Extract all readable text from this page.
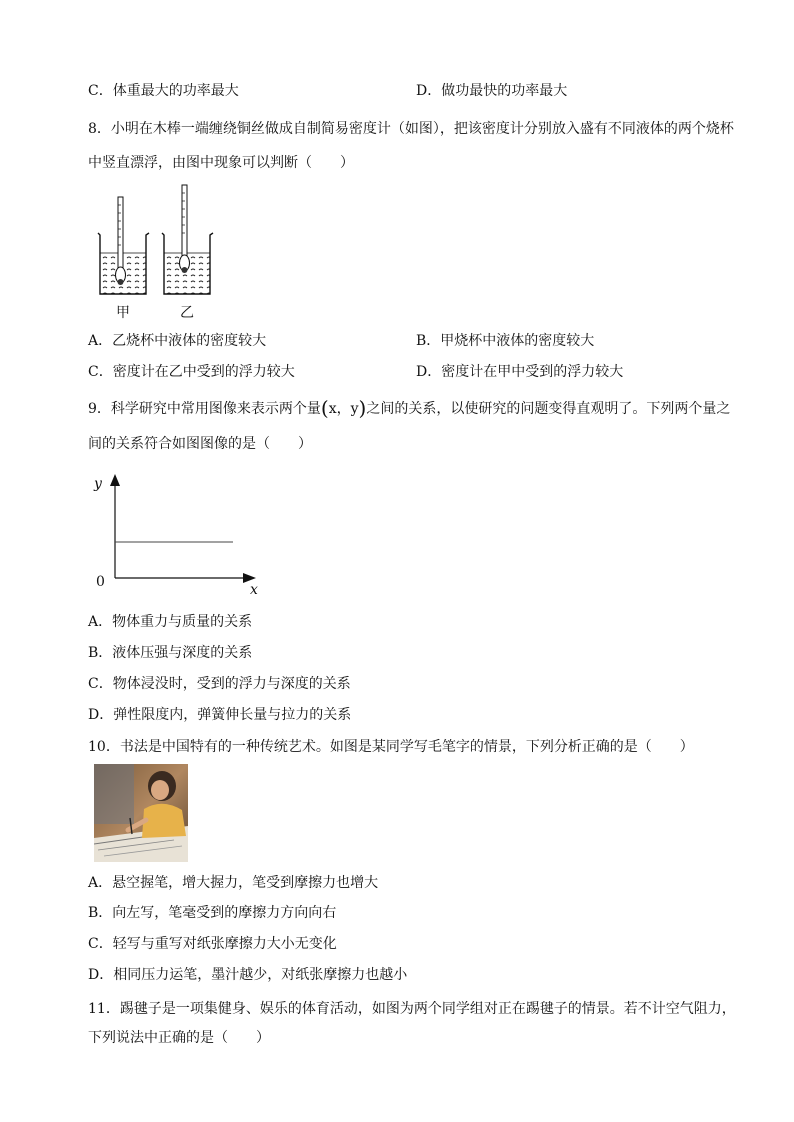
C．体重最大的功率最大	D．做功最快的功率最大
8．小明在木棒一端缠绕铜丝做成自制简易密度计（如图），把该密度计分别放入盛有不同液体的两个烧杯
中竖直漂浮，由图中现象可以判断（　　）
甲	乙
A．乙烧杯中液体的密度较大	B．甲烧杯中液体的密度较大
C．密度计在乙中受到的浮力较大	D．密度计在甲中受到的浮力较大
9．科学研究中常用图像来表示两个量(x，y)之间的关系，以使研究的问题变得直观明了。下列两个量之
间的关系符合如图图像的是（　　）
y
x
0
A．物体重力与质量的关系
B．液体压强与深度的关系
C．物体浸没时，受到的浮力与深度的关系
D．弹性限度内，弹簧伸长量与拉力的关系
10．书法是中国特有的一种传统艺术。如图是某同学写毛笔字的情景，下列分析正确的是（　　）
A．悬空握笔，增大握力，笔受到摩擦力也增大
B．向左写，笔毫受到的摩擦力方向向右
C．轻写与重写对纸张摩擦力大小无变化
D．相同压力运笔，墨汁越少，对纸张摩擦力也越小
11．踢毽子是一项集健身、娱乐的体育活动，如图为两个同学组对正在踢毽子的情景。若不计空气阻力，
下列说法中正确的是（　　）
